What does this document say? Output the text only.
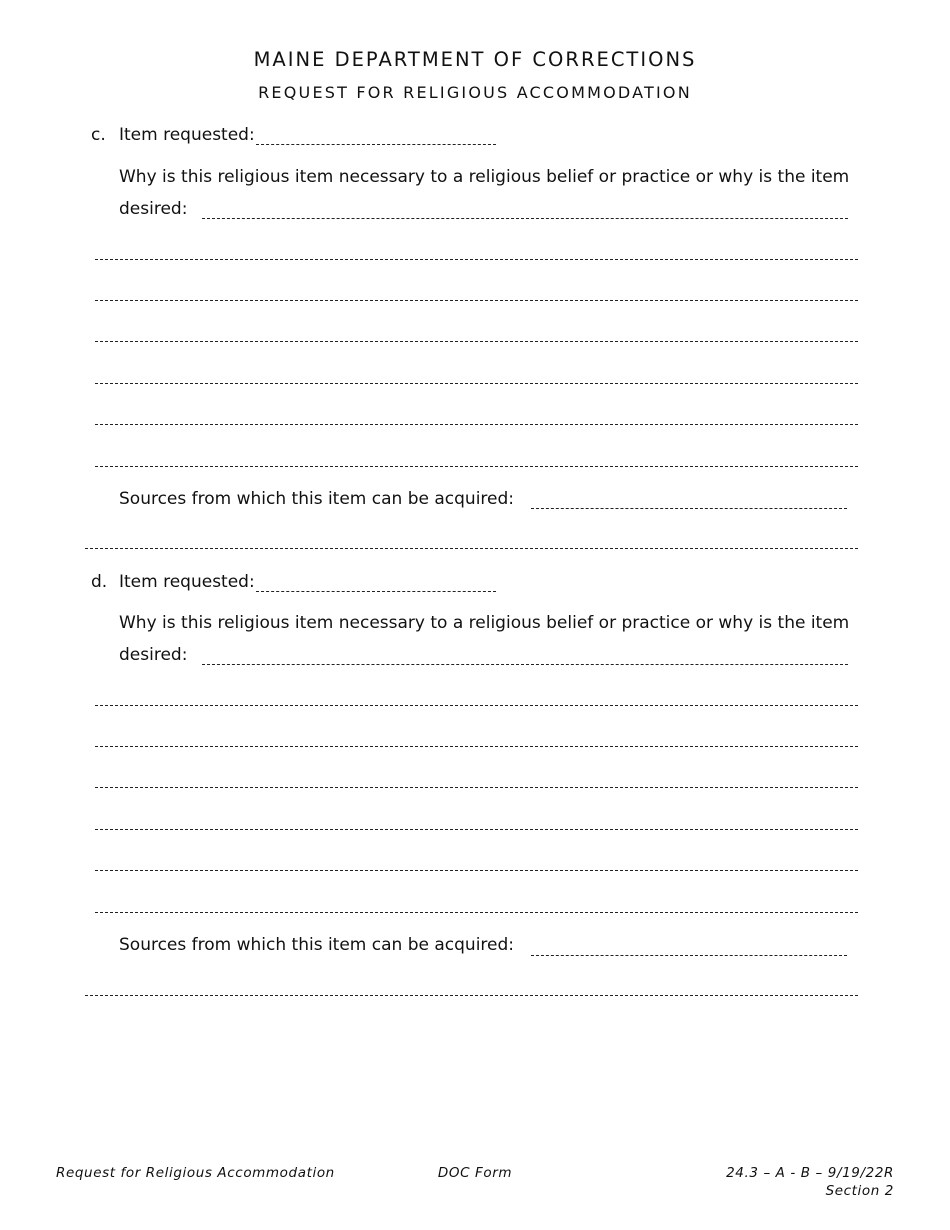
MAINE DEPARTMENT OF CORRECTIONS
REQUEST FOR RELIGIOUS ACCOMMODATION
c. Item requested:
Why is this religious item necessary to a religious belief or practice or why is the item
desired:
Sources from which this item can be acquired:
d. Item requested:
Why is this religious item necessary to a religious belief or practice or why is the item
desired:
Sources from which this item can be acquired:
Request for Religious Accommodation	DOC Form	24.3 – A - B – 9/19/22R
Section 2
